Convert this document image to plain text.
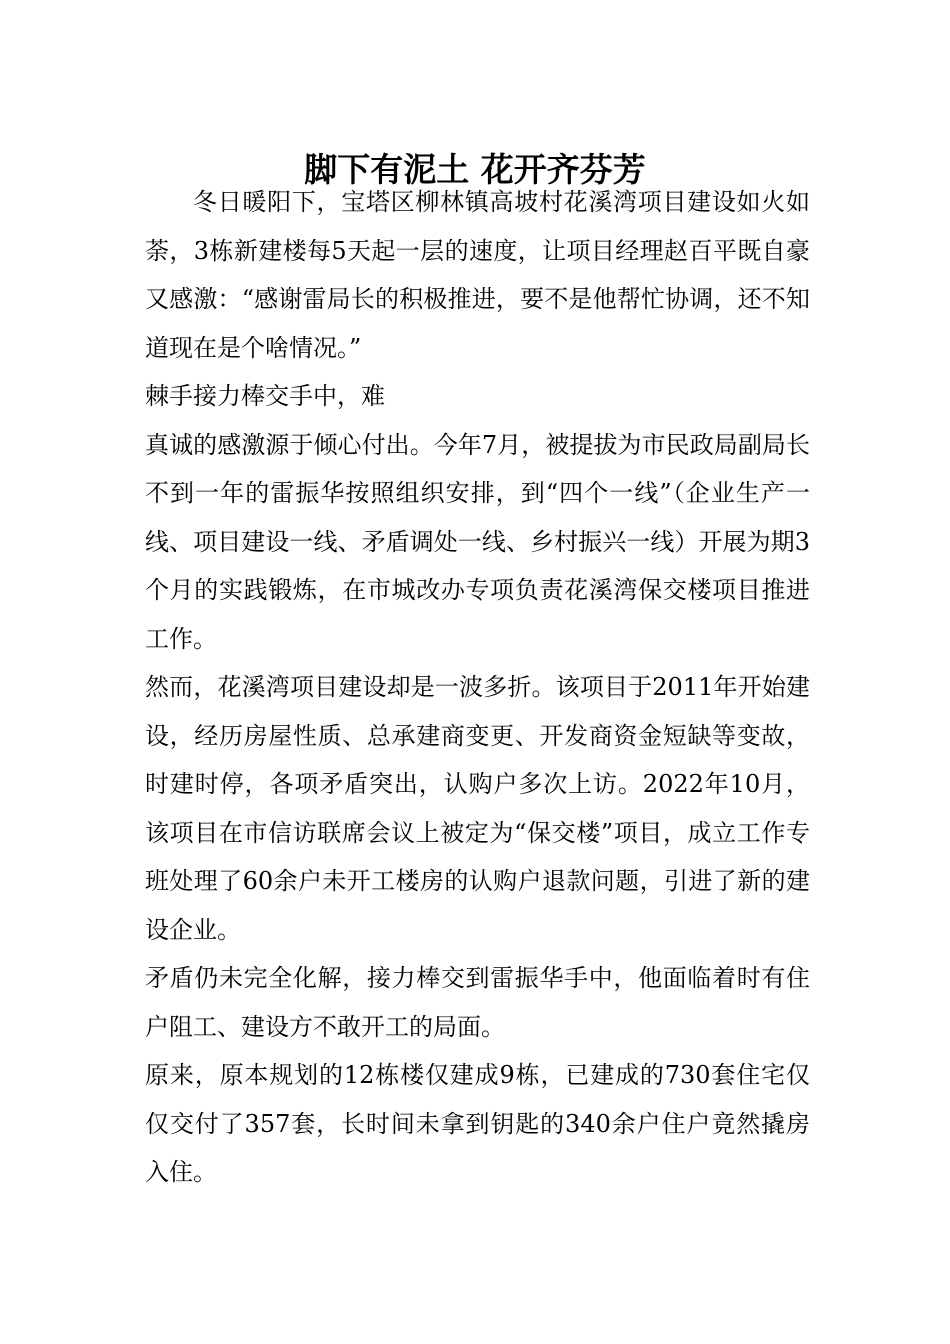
脚下有泥土 花开齐芬芳

冬日暖阳下，宝塔区柳林镇高坡村花溪湾项目建设如火如荼，3栋新建楼每5天起一层的速度，让项目经理赵百平既自豪又感激：“感谢雷局长的积极推进，要不是他帮忙协调，还不知道现在是个啥情况。”

棘手接力棒交手中，难

真诚的感激源于倾心付出。今年7月，被提拔为市民政局副局长不到一年的雷振华按照组织安排，到“四个一线”（企业生产一线、项目建设一线、矛盾调处一线、乡村振兴一线）开展为期3个月的实践锻炼，在市城改办专项负责花溪湾保交楼项目推进工作。

然而，花溪湾项目建设却是一波多折。该项目于2011年开始建设，经历房屋性质、总承建商变更、开发商资金短缺等变故，时建时停，各项矛盾突出，认购户多次上访。2022年10月，该项目在市信访联席会议上被定为“保交楼”项目，成立工作专班处理了60余户未开工楼房的认购户退款问题，引进了新的建设企业。

矛盾仍未完全化解，接力棒交到雷振华手中，他面临着时有住户阻工、建设方不敢开工的局面。

原来，原本规划的12栋楼仅建成9栋，已建成的730套住宅仅仅交付了357套，长时间未拿到钥匙的340余户住户竟然撬房入住。
